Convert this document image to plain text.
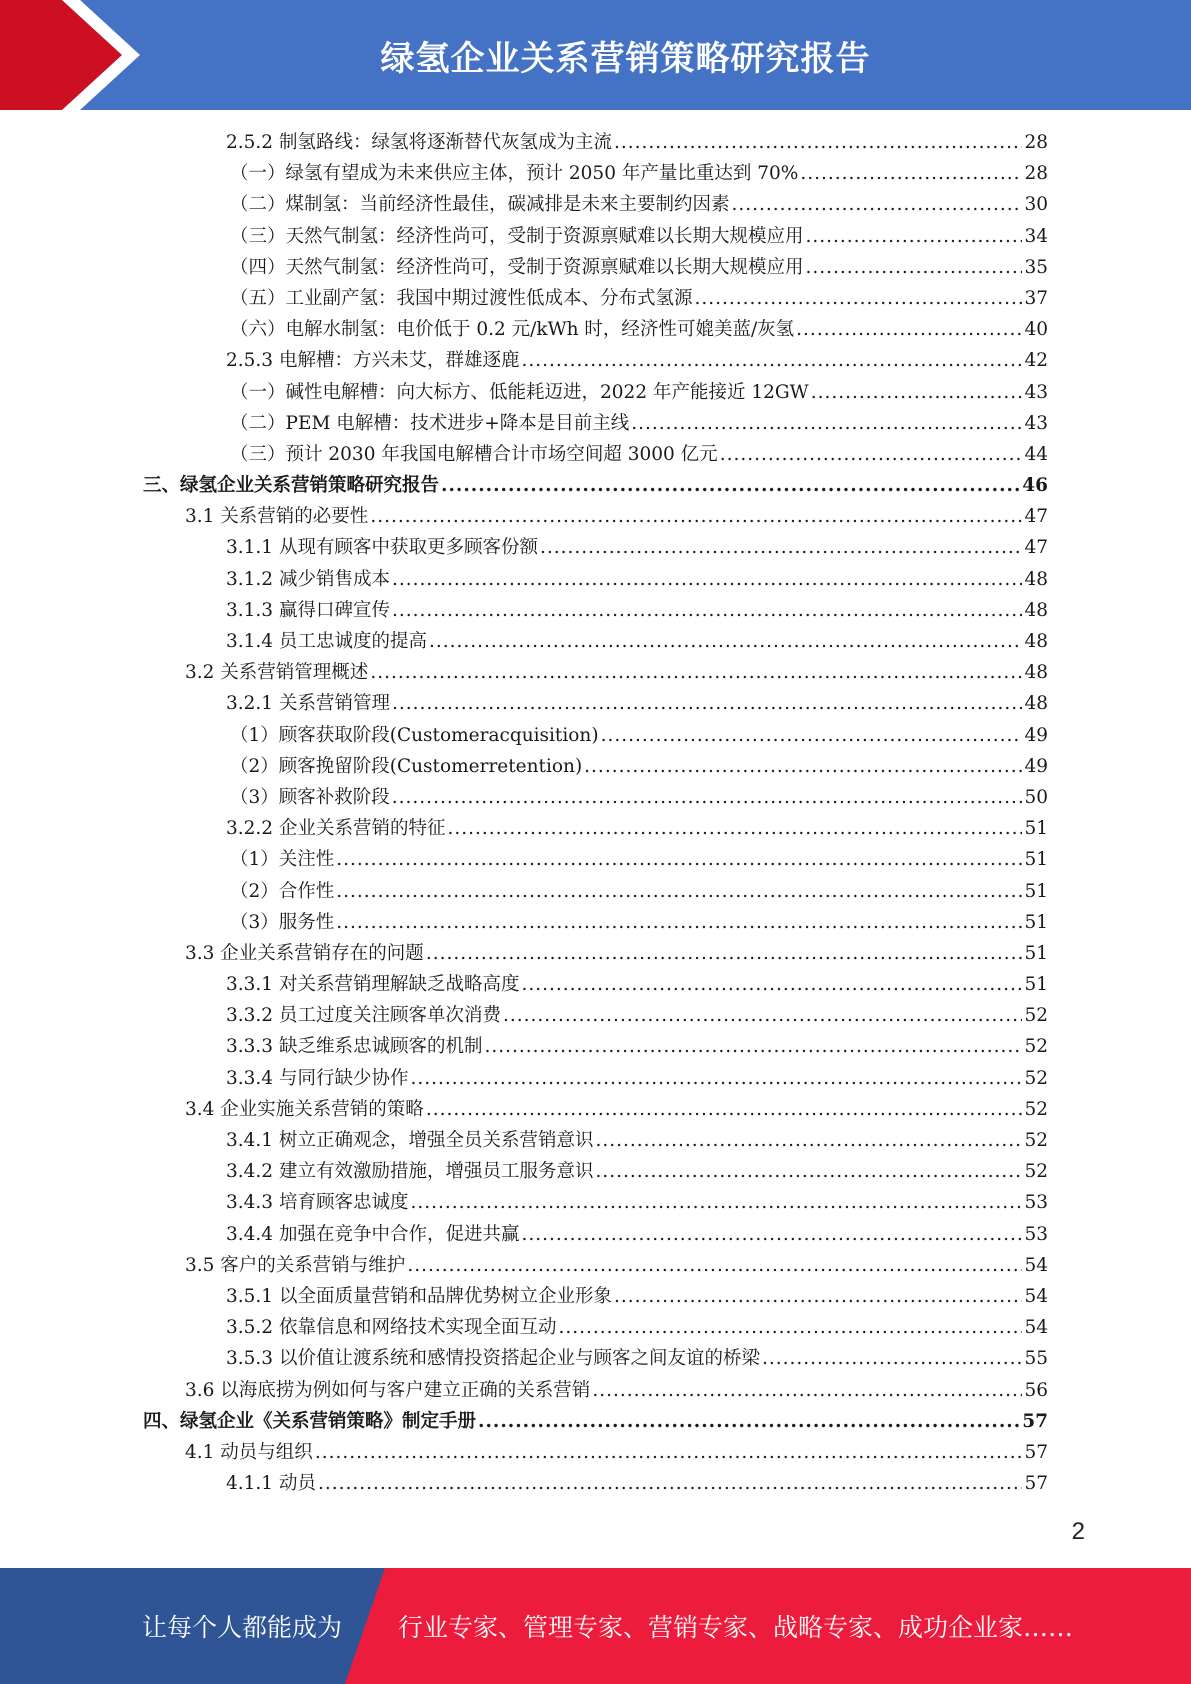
绿氢企业关系营销策略研究报告
2.5.2 制氢路线：绿氢将逐渐替代灰氢成为主流 .....	28
（一）绿氢有望成为未来供应主体，预计 2050 年产量比重达到 70% .....	28
（二）煤制氢：当前经济性最佳，碳减排是未来主要制约因素 .....	30
（三）天然气制氢：经济性尚可，受制于资源禀赋难以长期大规模应用 .....	34
（四）天然气制氢：经济性尚可，受制于资源禀赋难以长期大规模应用 .....	35
（五）工业副产氢：我国中期过渡性低成本、分布式氢源 .....	37
（六）电解水制氢：电价低于 0.2 元/kWh 时，经济性可媲美蓝/灰氢 .....	40
2.5.3 电解槽：方兴未艾，群雄逐鹿 .....	42
（一）碱性电解槽：向大标方、低能耗迈进，2022 年产能接近 12GW .....	43
（二）PEM 电解槽：技术进步+降本是目前主线 .....	43
（三）预计 2030 年我国电解槽合计市场空间超 3000 亿元 .....	44
三、绿氢企业关系营销策略研究报告 .....	46
3.1 关系营销的必要性 .....	47
3.1.1 从现有顾客中获取更多顾客份额 .....	47
3.1.2 减少销售成本 .....	48
3.1.3 赢得口碑宣传 .....	48
3.1.4 员工忠诚度的提高 .....	48
3.2 关系营销管理概述 .....	48
3.2.1 关系营销管理 .....	48
（1）顾客获取阶段(Customeracquisition) .....	49
（2）顾客挽留阶段(Customerretention) .....	49
（3）顾客补救阶段 .....	50
3.2.2 企业关系营销的特征 .....	51
（1）关注性 .....	51
（2）合作性 .....	51
（3）服务性 .....	51
3.3 企业关系营销存在的问题 .....	51
3.3.1 对关系营销理解缺乏战略高度 .....	51
3.3.2 员工过度关注顾客单次消费 .....	52
3.3.3 缺乏维系忠诚顾客的机制 .....	52
3.3.4 与同行缺少协作 .....	52
3.4 企业实施关系营销的策略 .....	52
3.4.1 树立正确观念，增强全员关系营销意识 .....	52
3.4.2 建立有效激励措施，增强员工服务意识 .....	52
3.4.3 培育顾客忠诚度 .....	53
3.4.4 加强在竞争中合作，促进共赢 .....	53
3.5 客户的关系营销与维护 .....	54
3.5.1 以全面质量营销和品牌优势树立企业形象 .....	54
3.5.2 依靠信息和网络技术实现全面互动 .....	54
3.5.3 以价值让渡系统和感情投资搭起企业与顾客之间友谊的桥梁 .....	55
3.6 以海底捞为例如何与客户建立正确的关系营销 .....	56
四、绿氢企业《关系营销策略》制定手册 .....	57
4.1 动员与组织 .....	57
4.1.1 动员 .....	57
2
让每个人都能成为 行业专家、管理专家、营销专家、战略专家、成功企业家……
